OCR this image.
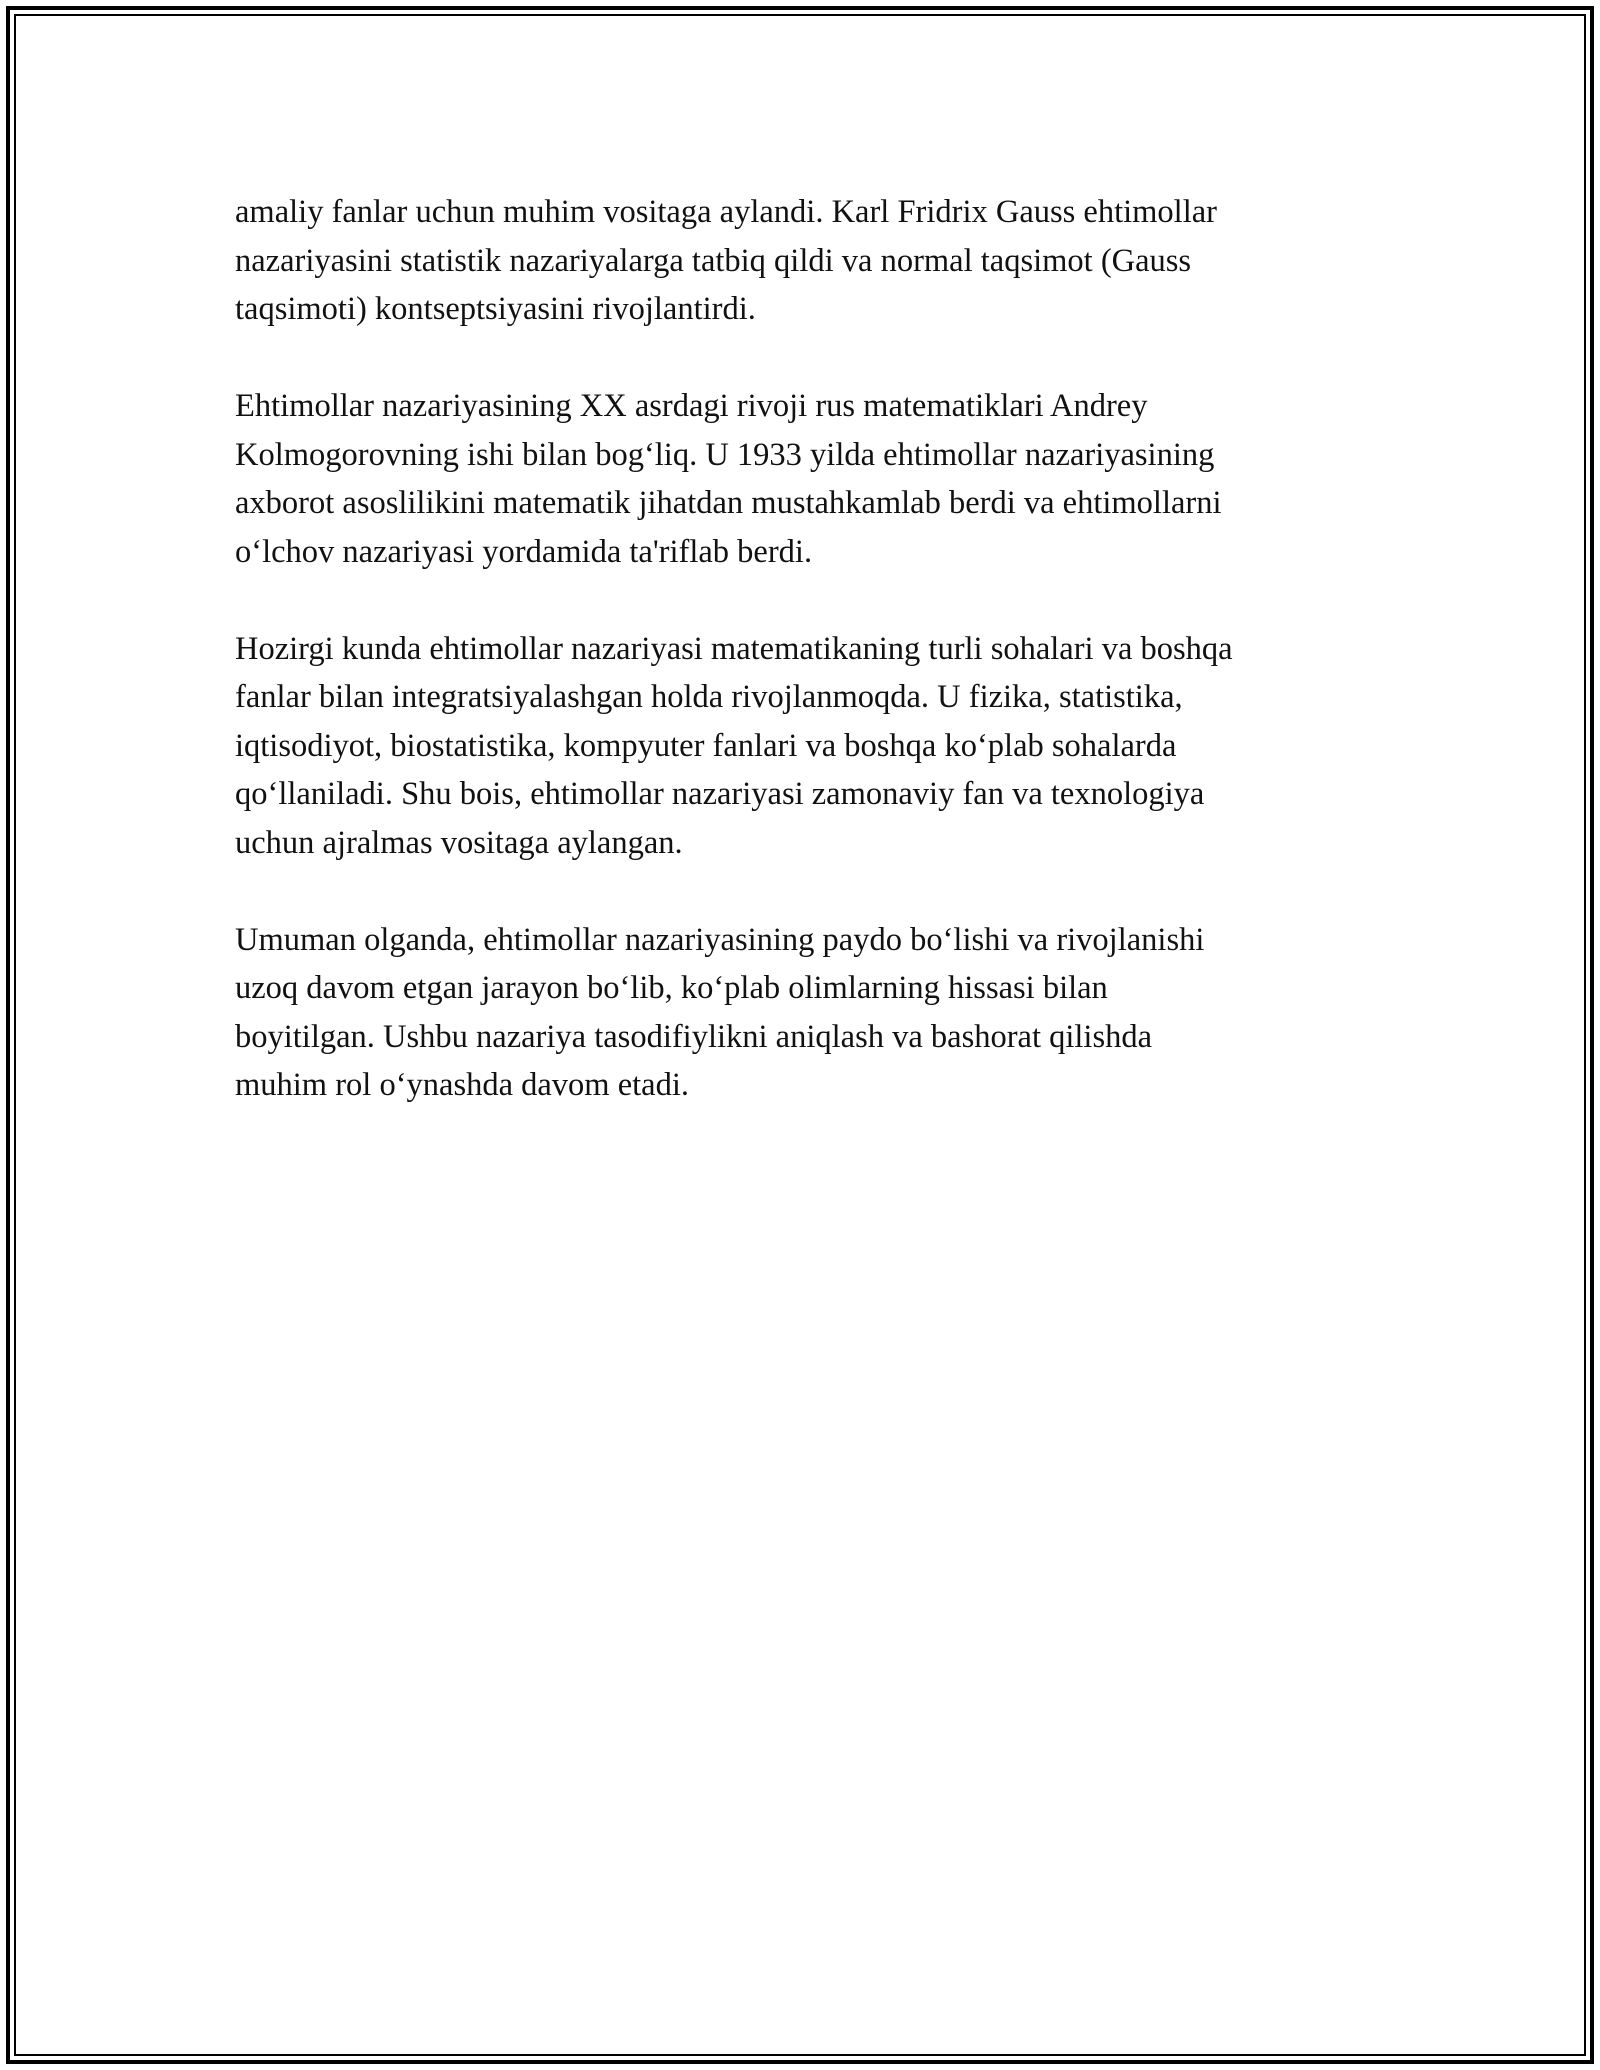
amaliy fanlar uchun muhim vositaga aylandi. Karl Fridrix Gauss ehtimollar
nazariyasini statistik nazariyalarga tatbiq qildi va normal taqsimot (Gauss
taqsimoti) kontseptsiyasini rivojlantirdi.

Ehtimollar nazariyasining XX asrdagi rivoji rus matematiklari Andrey
Kolmogorovning ishi bilan bog‘liq. U 1933 yilda ehtimollar nazariyasining
axborot asoslilikini matematik jihatdan mustahkamlab berdi va ehtimollarni
o‘lchov nazariyasi yordamida ta'riflab berdi.

Hozirgi kunda ehtimollar nazariyasi matematikaning turli sohalari va boshqa
fanlar bilan integratsiyalashgan holda rivojlanmoqda. U fizika, statistika,
iqtisodiyot, biostatistika, kompyuter fanlari va boshqa ko‘plab sohalarda
qo‘llaniladi. Shu bois, ehtimollar nazariyasi zamonaviy fan va texnologiya
uchun ajralmas vositaga aylangan.

Umuman olganda, ehtimollar nazariyasining paydo bo‘lishi va rivojlanishi
uzoq davom etgan jarayon bo‘lib, ko‘plab olimlarning hissasi bilan
boyitilgan. Ushbu nazariya tasodifiylikni aniqlash va bashorat qilishda
muhim rol o‘ynashda davom etadi.
